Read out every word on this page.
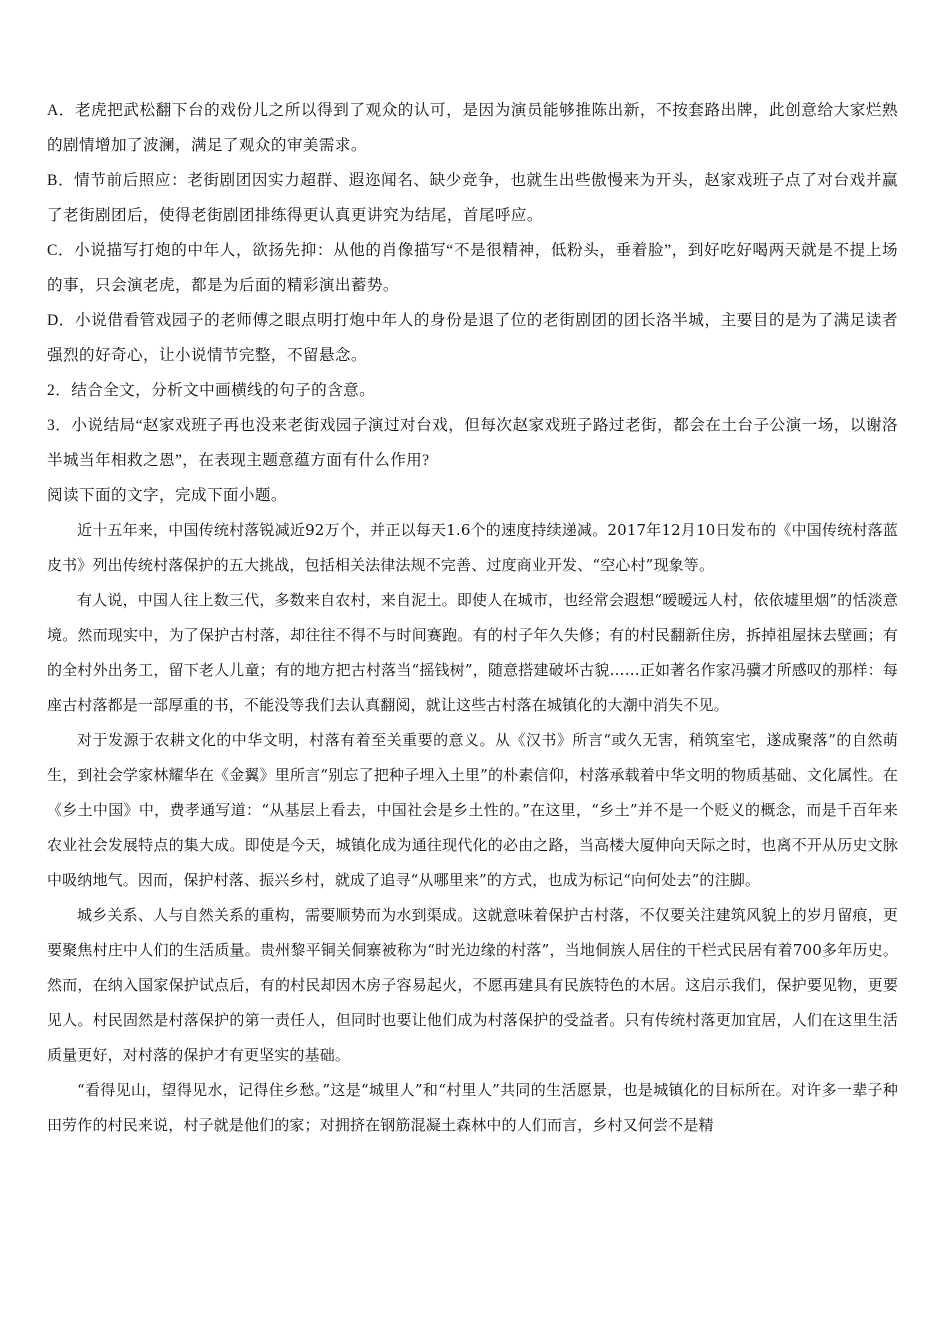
A．老虎把武松翻下台的戏份儿之所以得到了观众的认可，是因为演员能够推陈出新，不按套路出牌，此创意给大家烂熟的剧情增加了波澜，满足了观众的审美需求。

B．情节前后照应：老街剧团因实力超群、遐迩闻名、缺少竞争，也就生出些傲慢来为开头，赵家戏班子点了对台戏并赢了老街剧团后，使得老街剧团排练得更认真更讲究为结尾，首尾呼应。

C．小说描写打炮的中年人，欲扬先抑：从他的肖像描写“不是很精神，低粉头，垂着脸”，到好吃好喝两天就是不提上场的事，只会演老虎，都是为后面的精彩演出蓄势。

D．小说借看管戏园子的老师傅之眼点明打炮中年人的身份是退了位的老街剧团的团长洛半城，主要目的是为了满足读者强烈的好奇心，让小说情节完整，不留悬念。

2．结合全文，分析文中画横线的句子的含意。

3．小说结局“赵家戏班子再也没来老街戏园子演过对台戏，但每次赵家戏班子路过老街，都会在土台子公演一场，以谢洛半城当年相救之恩”，在表现主题意蕴方面有什么作用?

阅读下面的文字，完成下面小题。

近十五年来，中国传统村落锐减近92万个，并正以每天1.6个的速度持续递减。2017年12月10日发布的《中国传统村落蓝皮书》列出传统村落保护的五大挑战，包括相关法律法规不完善、过度商业开发、“空心村”现象等。

有人说，中国人往上数三代，多数来自农村，来自泥土。即使人在城市，也经常会遐想“暧暧远人村，依依墟里烟”的恬淡意境。然而现实中，为了保护古村落，却往往不得不与时间赛跑。有的村子年久失修；有的村民翻新住房，拆掉祖屋抹去壁画；有的全村外出务工，留下老人儿童；有的地方把古村落当“摇钱树”，随意搭建破坏古貌……正如著名作家冯骥才所感叹的那样：每座古村落都是一部厚重的书，不能没等我们去认真翻阅，就让这些古村落在城镇化的大潮中消失不见。

对于发源于农耕文化的中华文明，村落有着至关重要的意义。从《汉书》所言“或久无害，稍筑室宅，遂成聚落”的自然萌生，到社会学家林耀华在《金翼》里所言“别忘了把种子埋入土里”的朴素信仰，村落承载着中华文明的物质基础、文化属性。在《乡土中国》中，费孝通写道：“从基层上看去，中国社会是乡土性的。”在这里，“乡土”并不是一个贬义的概念，而是千百年来农业社会发展特点的集大成。即使是今天，城镇化成为通往现代化的必由之路，当高楼大厦伸向天际之时，也离不开从历史文脉中吸纳地气。因而，保护村落、振兴乡村，就成了追寻“从哪里来”的方式，也成为标记“向何处去”的注脚。

城乡关系、人与自然关系的重构，需要顺势而为水到渠成。这就意味着保护古村落，不仅要关注建筑风貌上的岁月留痕，更要聚焦村庄中人们的生活质量。贵州黎平铜关侗寨被称为“时光边缘的村落”，当地侗族人居住的干栏式民居有着700多年历史。然而，在纳入国家保护试点后，有的村民却因木房子容易起火，不愿再建具有民族特色的木居。这启示我们，保护要见物，更要见人。村民固然是村落保护的第一责任人，但同时也要让他们成为村落保护的受益者。只有传统村落更加宜居，人们在这里生活质量更好，对村落的保护才有更坚实的基础。

“看得见山，望得见水，记得住乡愁。”这是“城里人”和“村里人”共同的生活愿景，也是城镇化的目标所在。对许多一辈子种田劳作的村民来说，村子就是他们的家；对拥挤在钢筋混凝土森林中的人们而言，乡村又何尝不是精
